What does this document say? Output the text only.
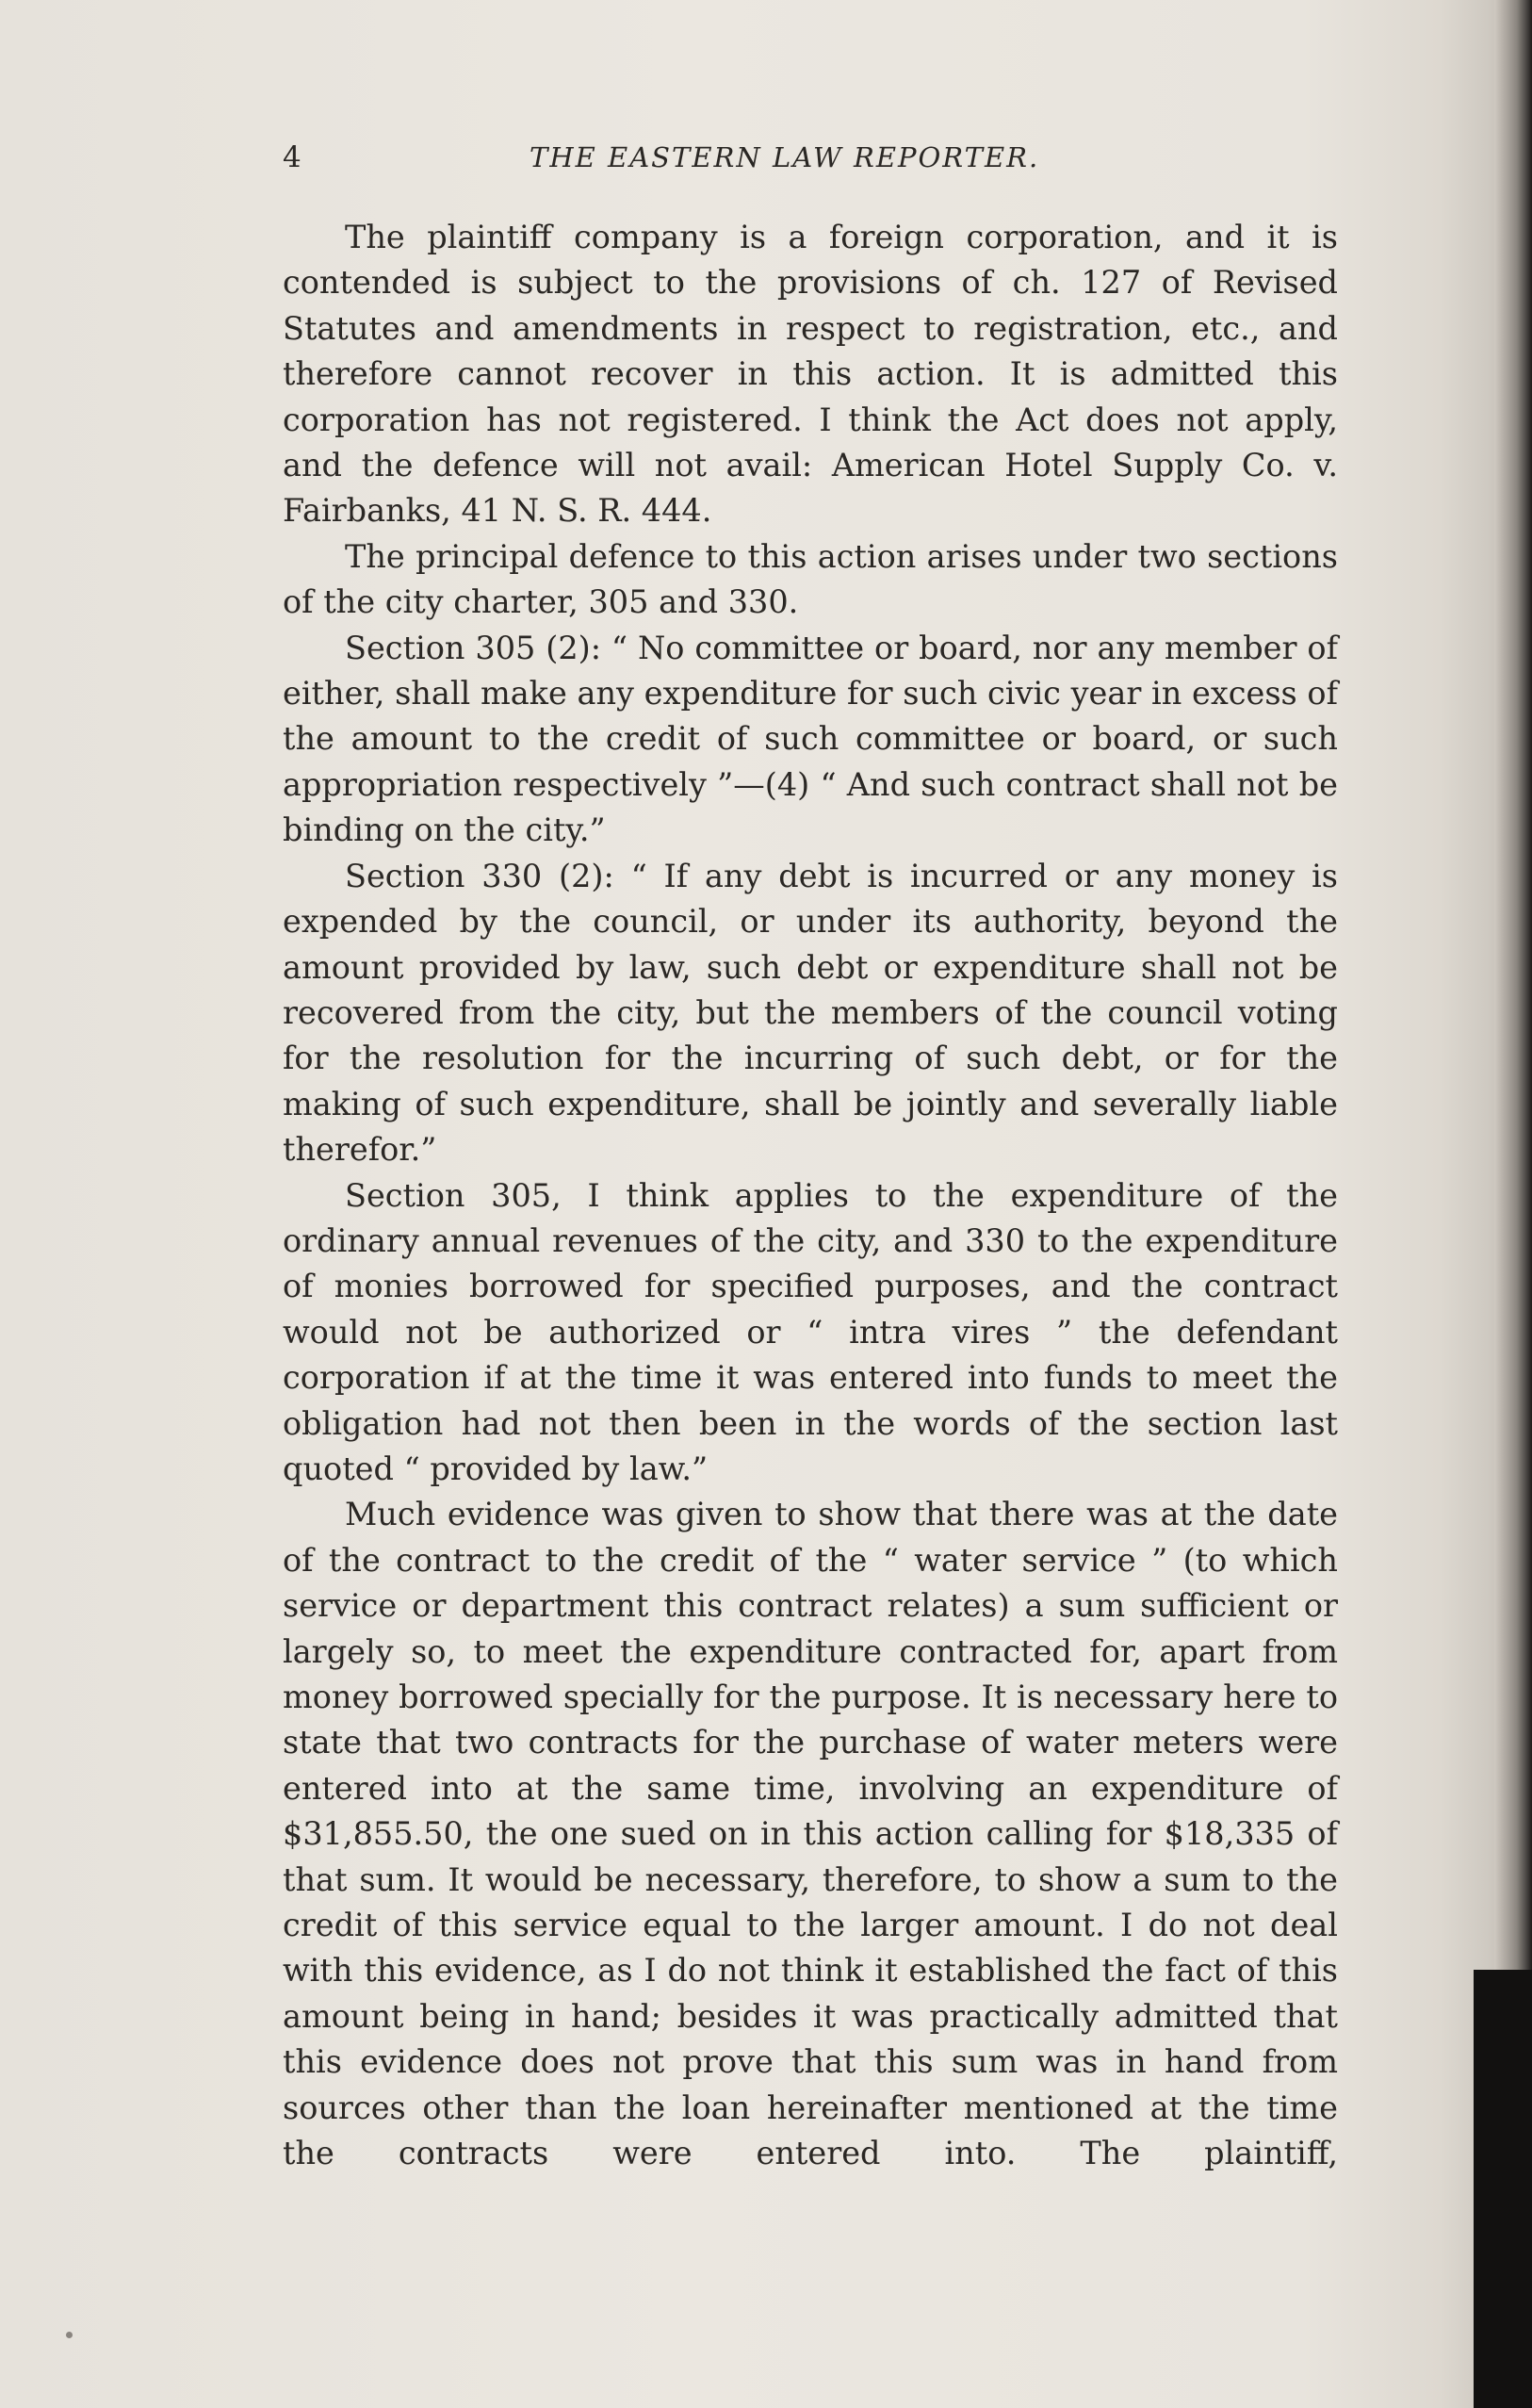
4	THE EASTERN LAW REPORTER.

The plaintiff company is a foreign corporation, and it is contended is subject to the provisions of ch. 127 of Revised Statutes and amendments in respect to registration, etc., and therefore cannot recover in this action. It is admitted this corporation has not registered. I think the Act does not apply, and the defence will not avail: American Hotel Supply Co. v. Fairbanks, 41 N. S. R. 444.

The principal defence to this action arises under two sections of the city charter, 305 and 330.

Section 305 (2): “ No committee or board, nor any member of either, shall make any expenditure for such civic year in excess of the amount to the credit of such committee or board, or such appropriation respectively ”—(4) “ And such contract shall not be binding on the city.”

Section 330 (2): “ If any debt is incurred or any money is expended by the council, or under its authority, beyond the amount provided by law, such debt or expenditure shall not be recovered from the city, but the members of the council voting for the resolution for the incurring of such debt, or for the making of such expenditure, shall be jointly and severally liable therefor.”

Section 305, I think applies to the expenditure of the ordinary annual revenues of the city, and 330 to the expenditure of monies borrowed for specified purposes, and the contract would not be authorized or “ intra vires ” the defendant corporation if at the time it was entered into funds to meet the obligation had not then been in the words of the section last quoted “ provided by law.”

Much evidence was given to show that there was at the date of the contract to the credit of the “ water service ” (to which service or department this contract relates) a sum sufficient or largely so, to meet the expenditure contracted for, apart from money borrowed specially for the purpose. It is necessary here to state that two contracts for the purchase of water meters were entered into at the same time, involving an expenditure of $31,855.50, the one sued on in this action calling for $18,335 of that sum. It would be necessary, therefore, to show a sum to the credit of this service equal to the larger amount. I do not deal with this evidence, as I do not think it established the fact of this amount being in hand; besides it was practically admitted that this evidence does not prove that this sum was in hand from sources other than the loan hereinafter mentioned at the time the contracts were entered into. The plaintiff,
